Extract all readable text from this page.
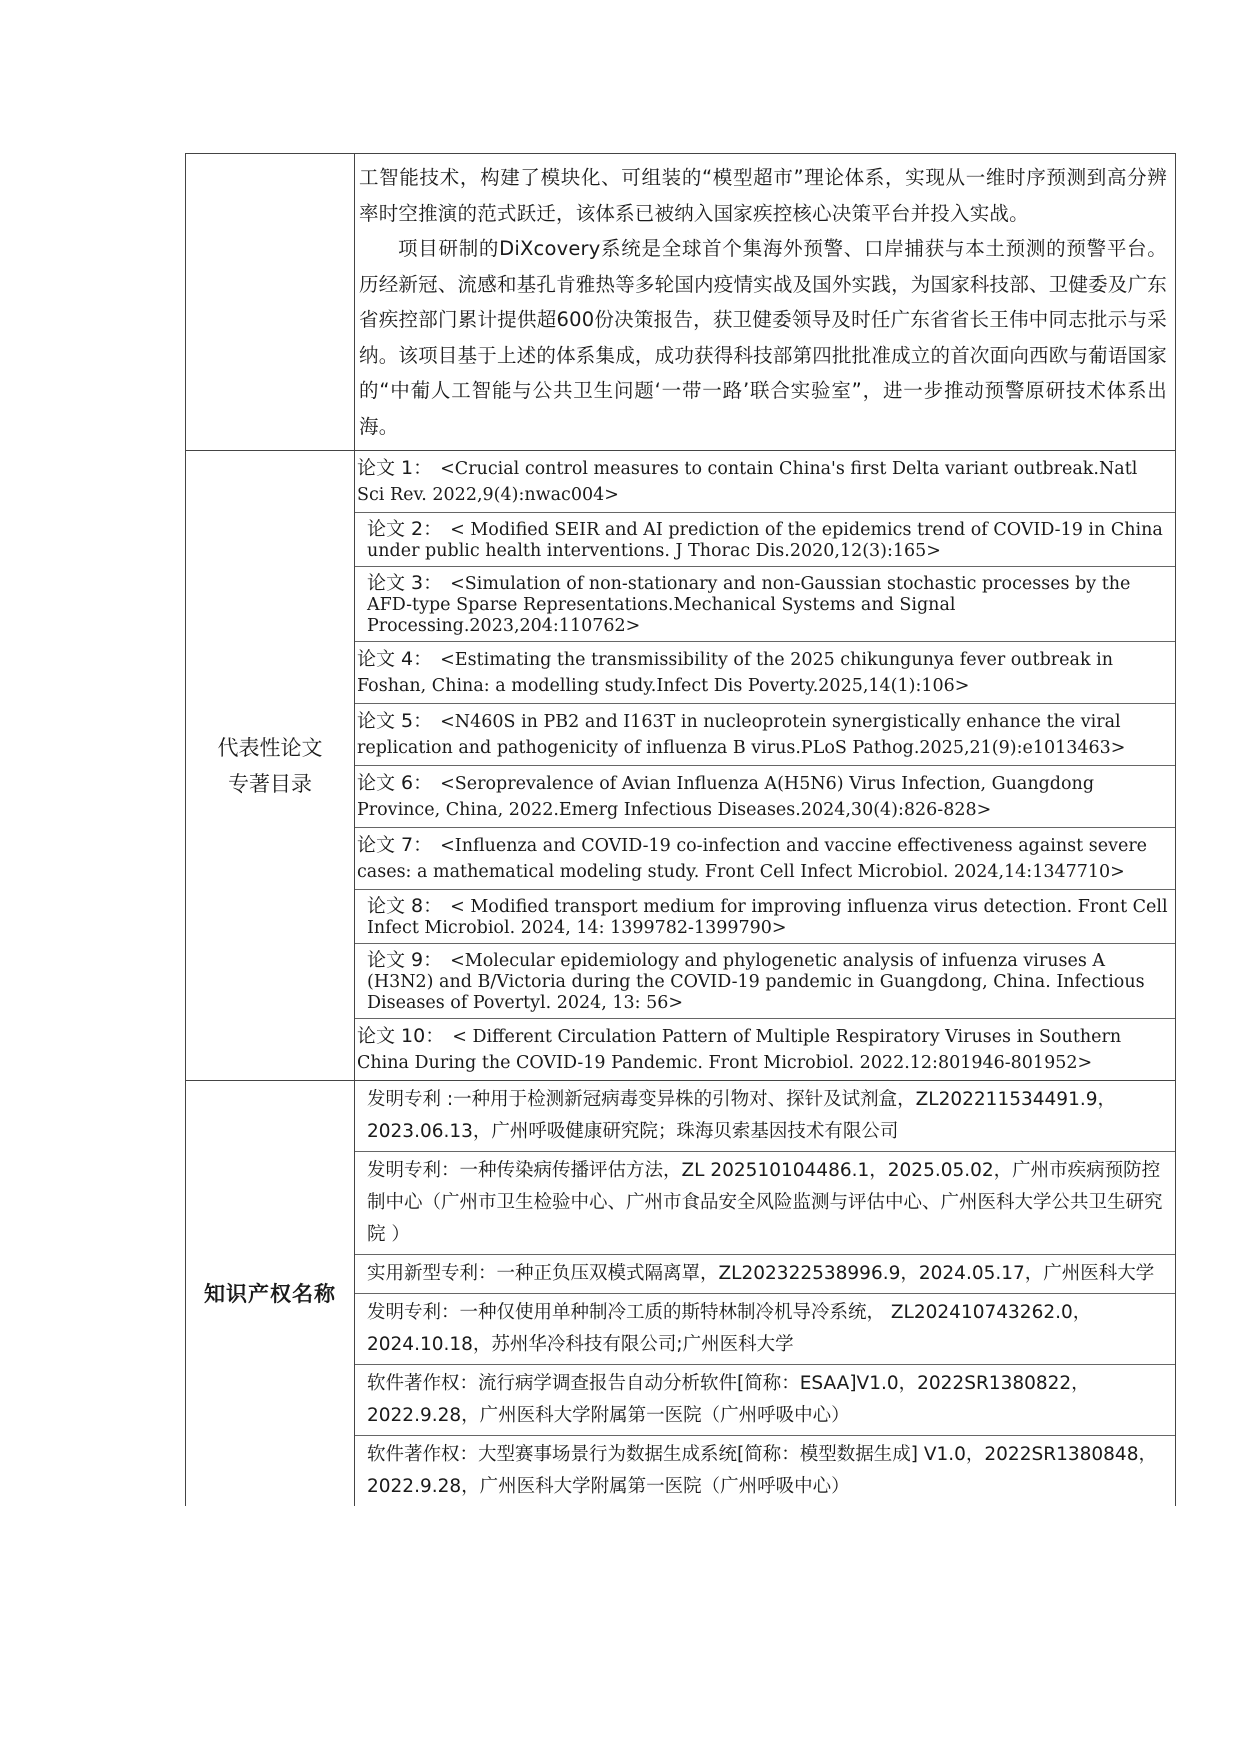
工智能技术，构建了模块化、可组装的“模型超市”理论体系，实现从一维时序预测到高分辨率时空推演的范式跃迁，该体系已被纳入国家疾控核心决策平台并投入实战。

项目研制的DiXcovery系统是全球首个集海外预警、口岸捕获与本土预测的预警平台。历经新冠、流感和基孔肯雅热等多轮国内疫情实战及国外实践，为国家科技部、卫健委及广东省疾控部门累计提供超600份决策报告，获卫健委领导及时任广东省省长王伟中同志批示与采纳。该项目基于上述的体系集成，成功获得科技部第四批批准成立的首次面向西欧与葡语国家的“中葡人工智能与公共卫生问题‘一带一路’联合实验室”，进一步推动预警原研技术体系出海。

代表性论文
专著目录
论文 1： <Crucial control measures to contain China's first Delta variant outbreak.Natl Sci Rev. 2022,9(4):nwac004>
论文 2： < Modified SEIR and AI prediction of the epidemics trend of COVID-19 in China under public health interventions. J Thorac Dis.2020,12(3):165>
论文 3： <Simulation of non-stationary and non-Gaussian stochastic processes by the AFD-type Sparse Representations.Mechanical Systems and Signal Processing.2023,204:110762>
论文 4： <Estimating the transmissibility of the 2025 chikungunya fever outbreak in Foshan, China: a modelling study.Infect Dis Poverty.2025,14(1):106>
论文 5： <N460S in PB2 and I163T in nucleoprotein synergistically enhance the viral replication and pathogenicity of influenza B virus.PLoS Pathog.2025,21(9):e1013463>
论文 6： <Seroprevalence of Avian Influenza A(H5N6) Virus Infection, Guangdong Province, China, 2022.Emerg Infectious Diseases.2024,30(4):826-828>
论文 7： <Influenza and COVID-19 co-infection and vaccine effectiveness against severe cases: a mathematical modeling study. Front Cell Infect Microbiol. 2024,14:1347710>
论文 8： < Modified transport medium for improving influenza virus detection. Front Cell Infect Microbiol. 2024, 14: 1399782-1399790>
论文 9： <Molecular epidemiology and phylogenetic analysis of infuenza viruses A (H3N2) and B/Victoria during the COVID-19 pandemic in Guangdong, China. Infectious Diseases of Povertyl. 2024, 13: 56>
论文 10： < Different Circulation Pattern of Multiple Respiratory Viruses in Southern China During the COVID-19 Pandemic. Front Microbiol. 2022.12:801946-801952>
知识产权名称
发明专利 :一种用于检测新冠病毒变异株的引物对、探针及试剂盒，ZL202211534491.9，2023.06.13，广州呼吸健康研究院；珠海贝索基因技术有限公司
发明专利：一种传染病传播评估方法，ZL 202510104486.1，2025.05.02，广州市疾病预防控制中心（广州市卫生检验中心、广州市食品安全风险监测与评估中心、广州医科大学公共卫生研究院 ）
实用新型专利：一种正负压双模式隔离罩，ZL202322538996.9，2024.05.17，广州医科大学
发明专利：一种仅使用单种制冷工质的斯特林制冷机导冷系统， ZL202410743262.0，2024.10.18，苏州华冷科技有限公司;广州医科大学
软件著作权：流行病学调查报告自动分析软件[简称：ESAA]V1.0，2022SR1380822，2022.9.28，广州医科大学附属第一医院（广州呼吸中心）
软件著作权：大型赛事场景行为数据生成系统[简称：模型数据生成] V1.0，2022SR1380848，2022.9.28，广州医科大学附属第一医院（广州呼吸中心）
